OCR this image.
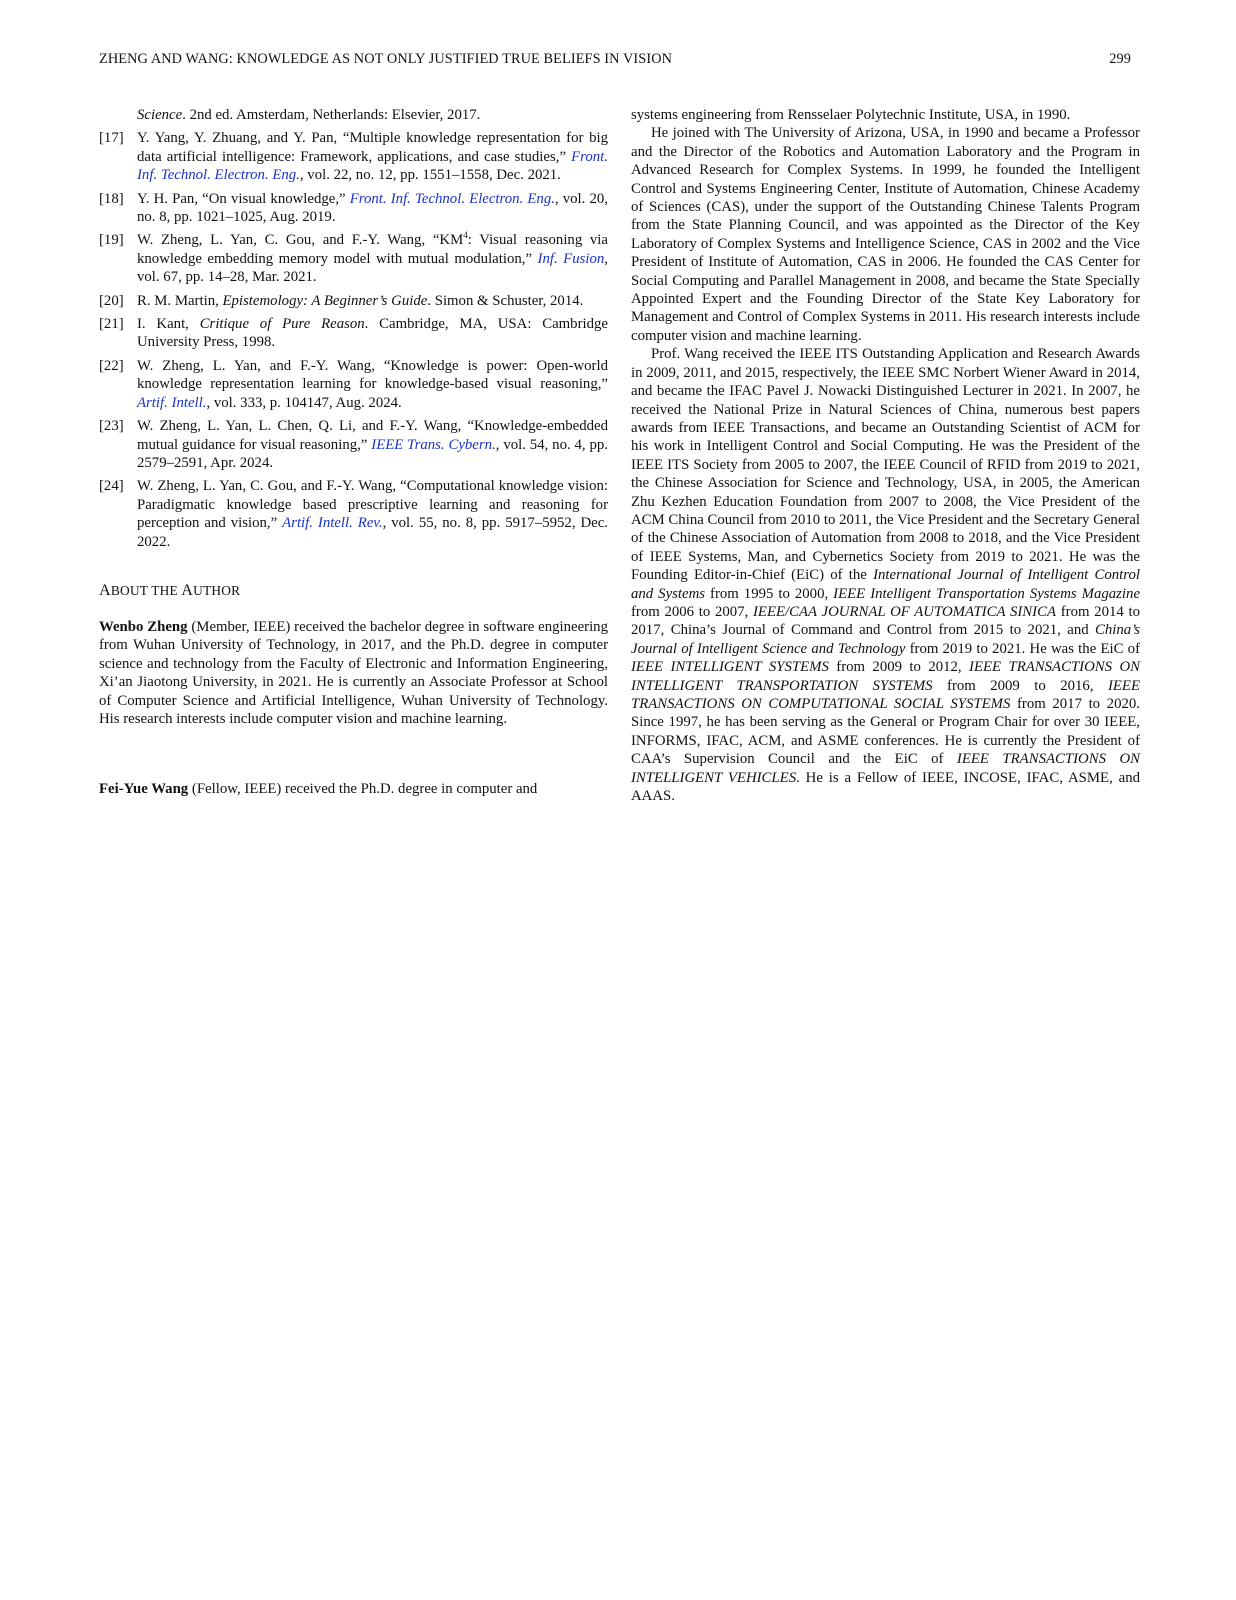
ZHENG AND WANG: KNOWLEDGE AS NOT ONLY JUSTIFIED TRUE BELIEFS IN VISION	299
Science. 2nd ed. Amsterdam, Netherlands: Elsevier, 2017.
[17] Y. Yang, Y. Zhuang, and Y. Pan, “Multiple knowledge representation for big data artificial intelligence: Framework, applications, and case studies,” Front. Inf. Technol. Electron. Eng., vol. 22, no. 12, pp. 1551–1558, Dec. 2021.
[18] Y. H. Pan, “On visual knowledge,” Front. Inf. Technol. Electron. Eng., vol. 20, no. 8, pp. 1021–1025, Aug. 2019.
[19] W. Zheng, L. Yan, C. Gou, and F.-Y. Wang, “$KM^4$: Visual reasoning via knowledge embedding memory model with mutual modulation,” Inf. Fusion, vol. 67, pp. 14–28, Mar. 2021.
[20] R. M. Martin, Epistemology: A Beginner’s Guide. Simon & Schuster, 2014.
[21] I. Kant, Critique of Pure Reason. Cambridge, MA, USA: Cambridge University Press, 1998.
[22] W. Zheng, L. Yan, and F.-Y. Wang, “Knowledge is power: Open-world knowledge representation learning for knowledge-based visual reasoning,” Artif. Intell., vol. 333, p. 104147, Aug. 2024.
[23] W. Zheng, L. Yan, L. Chen, Q. Li, and F.-Y. Wang, “Knowledge-embedded mutual guidance for visual reasoning,” IEEE Trans. Cybern., vol. 54, no. 4, pp. 2579–2591, Apr. 2024.
[24] W. Zheng, L. Yan, C. Gou, and F.-Y. Wang, “Computational knowledge vision: Paradigmatic knowledge based prescriptive learning and reasoning for perception and vision,” Artif. Intell. Rev., vol. 55, no. 8, pp. 5917–5952, Dec. 2022.
ABOUT THE AUTHOR

Wenbo Zheng (Member, IEEE) received the bachelor degree in software engineering from Wuhan University of Technology, in 2017, and the Ph.D. degree in computer science and technology from the Faculty of Electronic and Information Engineering, Xi’an Jiaotong University, in 2021. He is currently an Associate Professor at School of Computer Science and Artificial Intelligence, Wuhan University of Technology. His research interests include computer vision and machine learning.

Fei-Yue Wang (Fellow, IEEE) received the Ph.D. degree in computer and

systems engineering from Rensselaer Polytechnic Institute, USA, in 1990.

He joined with The University of Arizona, USA, in 1990 and became a Professor and the Director of the Robotics and Automation Laboratory and the Program in Advanced Research for Complex Systems. In 1999, he founded the Intelligent Control and Systems Engineering Center, Institute of Automation, Chinese Academy of Sciences (CAS), under the support of the Outstanding Chinese Talents Program from the State Planning Council, and was appointed as the Director of the Key Laboratory of Complex Systems and Intelligence Science, CAS in 2002 and the Vice President of Institute of Automation, CAS in 2006. He founded the CAS Center for Social Computing and Parallel Management in 2008, and became the State Specially Appointed Expert and the Founding Director of the State Key Laboratory for Management and Control of Complex Systems in 2011. His research interests include computer vision and machine learning.

Prof. Wang received the IEEE ITS Outstanding Application and Research Awards in 2009, 2011, and 2015, respectively, the IEEE SMC Norbert Wiener Award in 2014, and became the IFAC Pavel J. Nowacki Distinguished Lecturer in 2021. In 2007, he received the National Prize in Natural Sciences of China, numerous best papers awards from IEEE Transactions, and became an Outstanding Scientist of ACM for his work in Intelligent Control and Social Computing. He was the President of the IEEE ITS Society from 2005 to 2007, the IEEE Council of RFID from 2019 to 2021, the Chinese Association for Science and Technology, USA, in 2005, the American Zhu Kezhen Education Foundation from 2007 to 2008, the Vice President of the ACM China Council from 2010 to 2011, the Vice President and the Secretary General of the Chinese Association of Automation from 2008 to 2018, and the Vice President of IEEE Systems, Man, and Cybernetics Society from 2019 to 2021. He was the Founding Editor-in-Chief (EiC) of the International Journal of Intelligent Control and Systems from 1995 to 2000, IEEE Intelligent Transportation Systems Magazine from 2006 to 2007, IEEE/CAA JOURNAL OF AUTOMATICA SINICA from 2014 to 2017, China’s Journal of Command and Control from 2015 to 2021, and China’s Journal of Intelligent Science and Technology from 2019 to 2021. He was the EiC of IEEE INTELLIGENT SYSTEMS from 2009 to 2012, IEEE TRANSACTIONS ON INTELLIGENT TRANSPORTATION SYSTEMS from 2009 to 2016, IEEE TRANSACTIONS ON COMPUTATIONAL SOCIAL SYSTEMS from 2017 to 2020. Since 1997, he has been serving as the General or Program Chair for over 30 IEEE, INFORMS, IFAC, ACM, and ASME conferences. He is currently the President of CAA’s Supervision Council and the EiC of IEEE TRANSACTIONS ON INTELLIGENT VEHICLES. He is a Fellow of IEEE, INCOSE, IFAC, ASME, and AAAS.
